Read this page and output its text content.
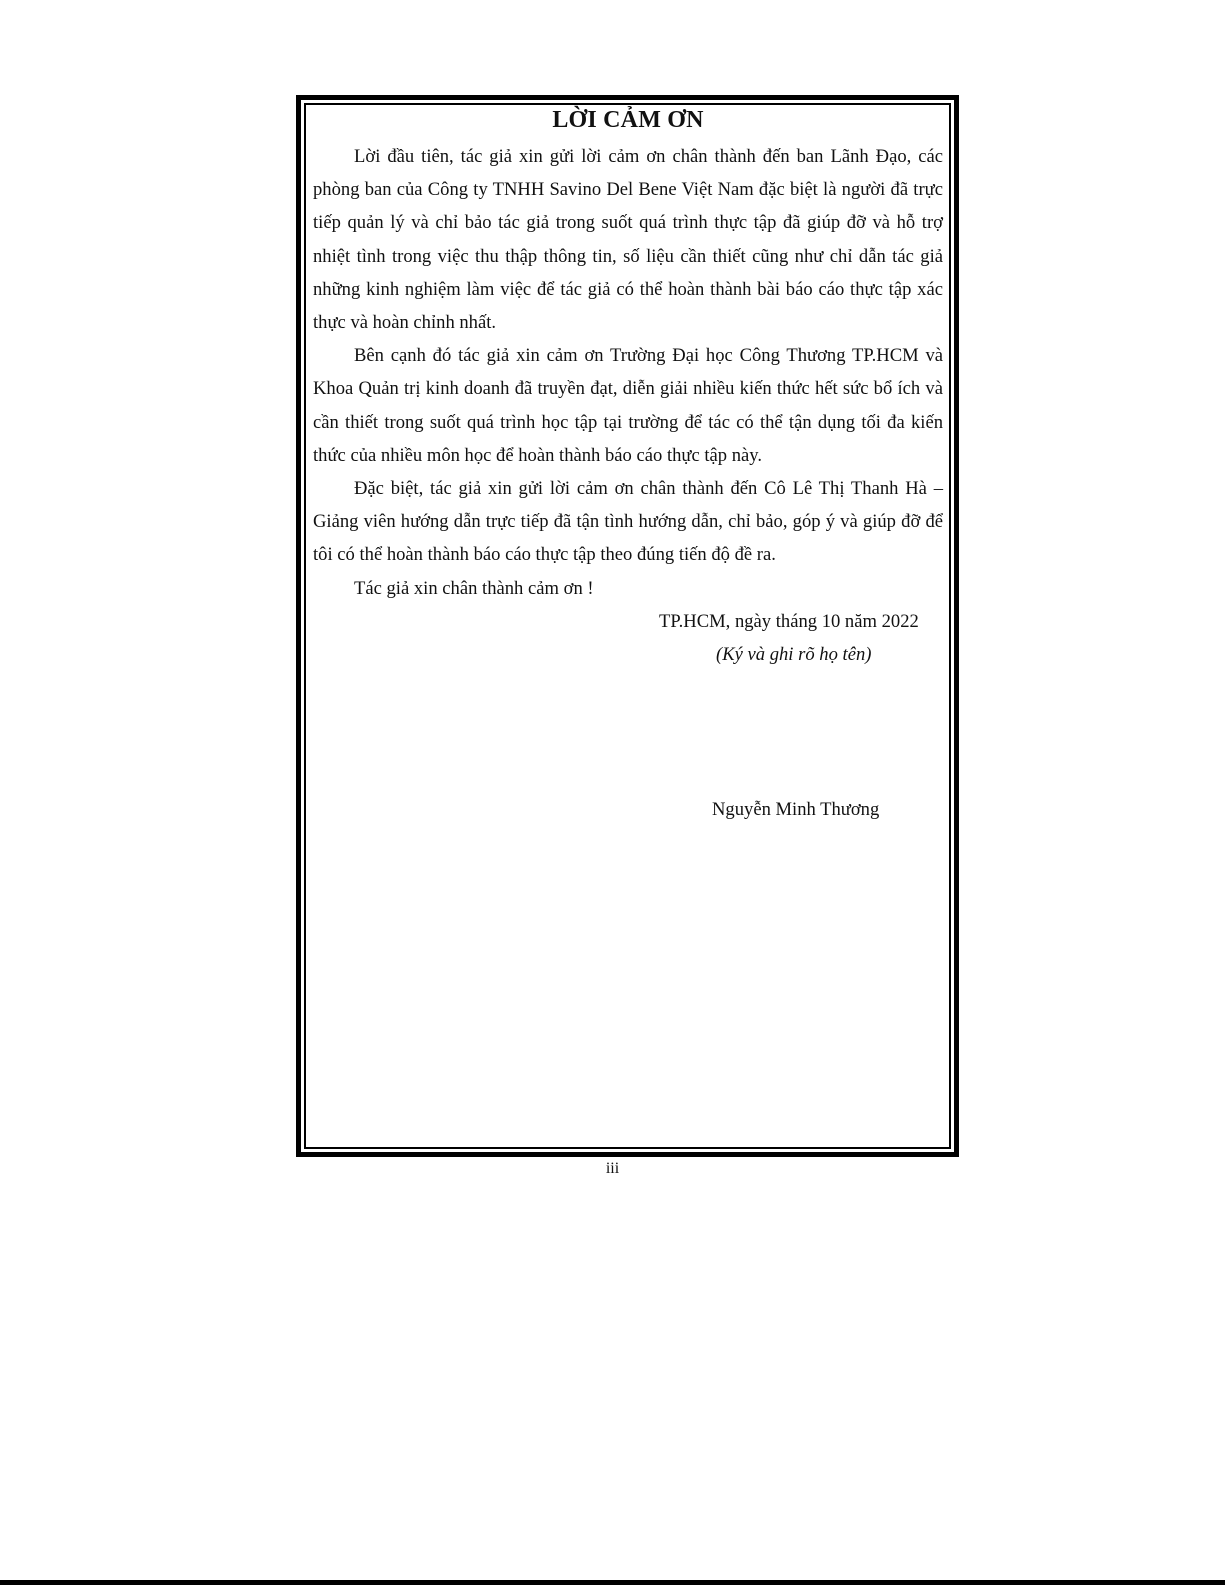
LỜI CẢM ƠN

Lời đầu tiên, tác giả xin gửi lời cảm ơn chân thành đến ban Lãnh Đạo, các phòng ban của Công ty TNHH Savino Del Bene Việt Nam đặc biệt là người đã trực tiếp quản lý và chỉ bảo tác giả trong suốt quá trình thực tập đã giúp đỡ và hỗ trợ nhiệt tình trong việc thu thập thông tin, số liệu cần thiết cũng như chỉ dẫn tác giả những kinh nghiệm làm việc để tác giả có thể hoàn thành bài báo cáo thực tập xác thực và hoàn chỉnh nhất.

Bên cạnh đó tác giả xin cảm ơn Trường Đại học Công Thương TP.HCM và Khoa Quản trị kinh doanh đã truyền đạt, diễn giải nhiều kiến thức hết sức bổ ích và cần thiết trong suốt quá trình học tập tại trường để tác có thể tận dụng tối đa kiến thức của nhiều môn học để hoàn thành báo cáo thực tập này.

Đặc biệt, tác giả xin gửi lời cảm ơn chân thành đến Cô Lê Thị Thanh Hà – Giảng viên hướng dẫn trực tiếp đã tận tình hướng dẫn, chỉ bảo, góp ý và giúp đỡ để tôi có thể hoàn thành báo cáo thực tập theo đúng tiến độ đề ra.

Tác giả xin chân thành cảm ơn !

TP.HCM, ngày tháng 10 năm 2022

(Ký và ghi rõ họ tên)

Nguyễn Minh Thương
iii
